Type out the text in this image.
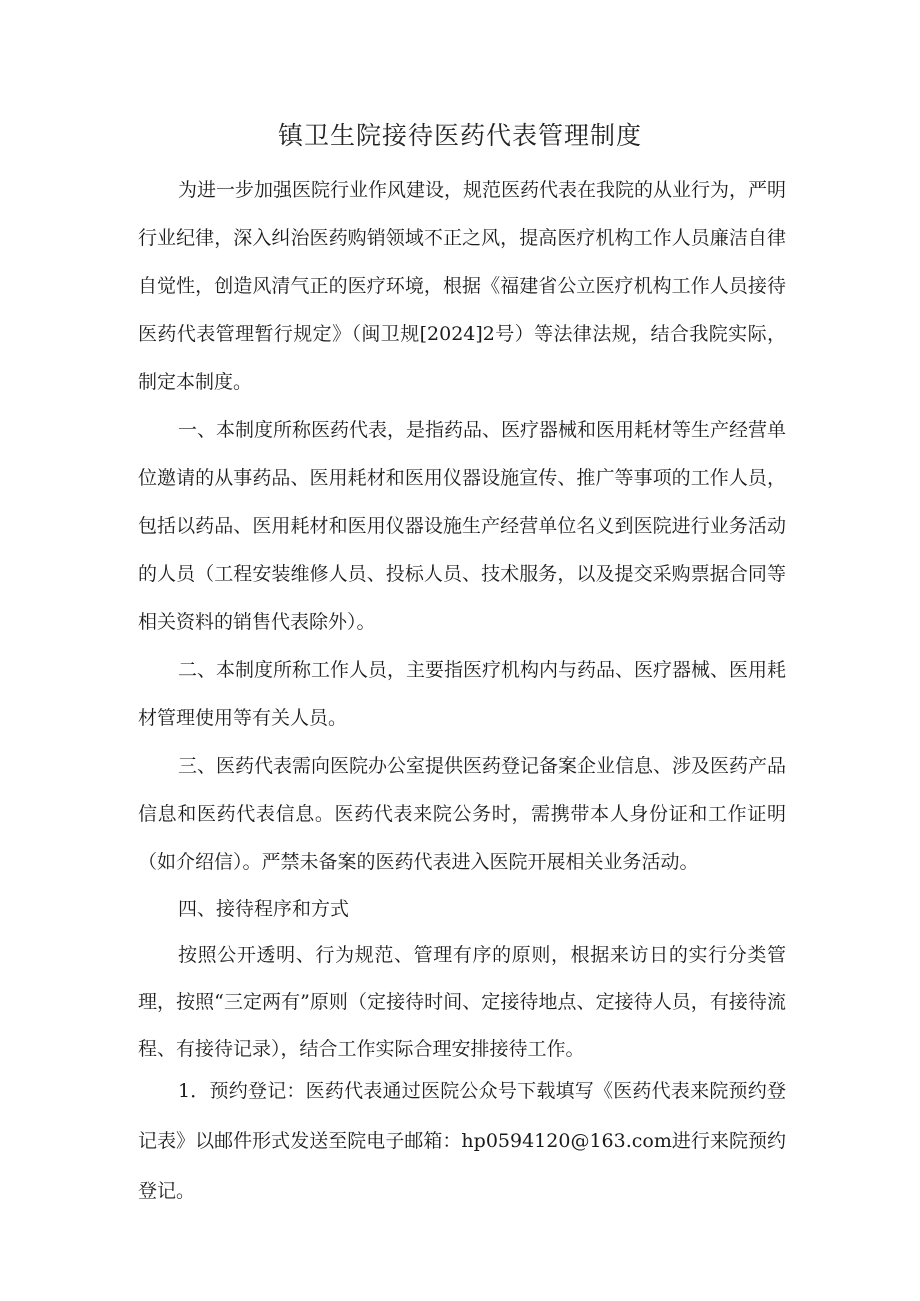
镇卫生院接待医药代表管理制度
为进一步加强医院行业作风建设，规范医药代表在我院的从业行为，严明行业纪律，深入纠治医药购销领域不正之风，提高医疗机构工作人员廉洁自律自觉性，创造风清气正的医疗环境，根据《福建省公立医疗机构工作人员接待医药代表管理暂行规定》（闽卫规[2024]2号）等法律法规，结合我院实际，制定本制度。
一、本制度所称医药代表，是指药品、医疗器械和医用耗材等生产经营单位邀请的从事药品、医用耗材和医用仪器设施宣传、推广等事项的工作人员，包括以药品、医用耗材和医用仪器设施生产经营单位名义到医院进行业务活动的人员（工程安装维修人员、投标人员、技术服务，以及提交采购票据合同等相关资料的销售代表除外）。
二、本制度所称工作人员，主要指医疗机构内与药品、医疗器械、医用耗材管理使用等有关人员。
三、医药代表需向医院办公室提供医药登记备案企业信息、涉及医药产品信息和医药代表信息。医药代表来院公务时，需携带本人身份证和工作证明（如介绍信）。严禁未备案的医药代表进入医院开展相关业务活动。
四、接待程序和方式
按照公开透明、行为规范、管理有序的原则，根据来访日的实行分类管理，按照“三定两有”原则（定接待时间、定接待地点、定接待人员，有接待流程、有接待记录），结合工作实际合理安排接待工作。
1．预约登记：医药代表通过医院公众号下载填写《医药代表来院预约登记表》以邮件形式发送至院电子邮箱：hp0594120@163.com进行来院预约登记。
